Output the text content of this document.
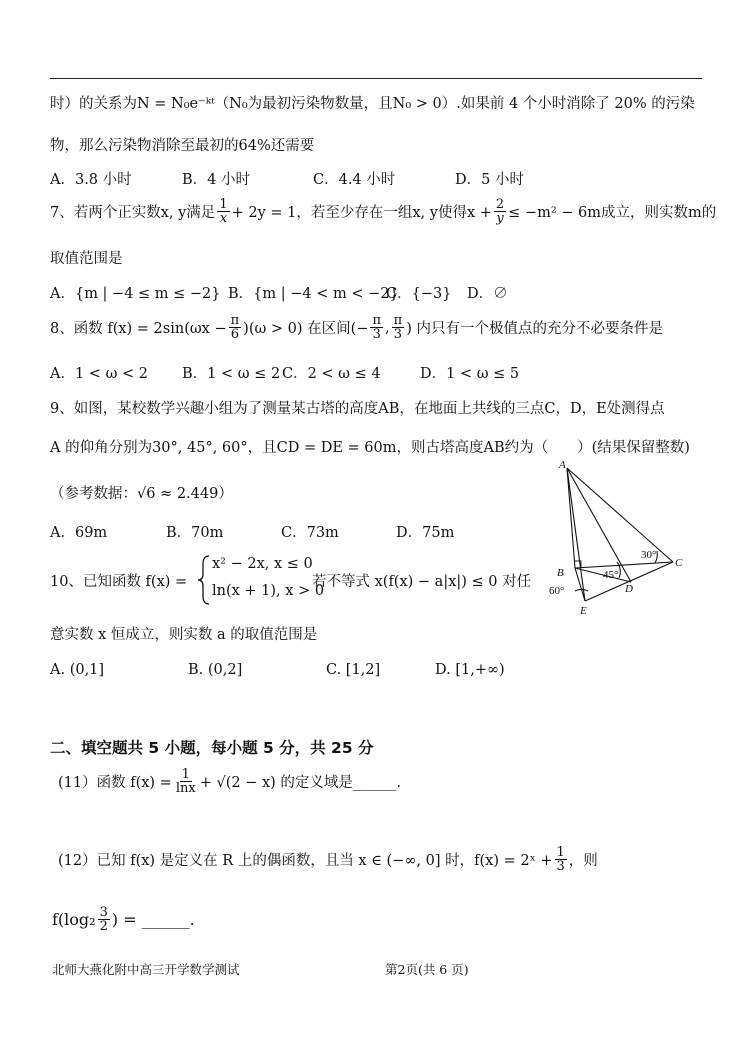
时）的关系为N = N₀e⁻ᵏᵗ（N₀为最初污染物数量，且N₀ > 0）.如果前 4 个小时消除了 20% 的污染
物，那么污染物消除至最初的64%还需要
A．3.8 小时	B．4 小时	C．4.4 小时	D．5 小时
7、若两个正实数x, y满足 $\frac{1}{x} + 2y = 1$，若至少存在一组x, y使得$x + \frac{2}{y} \le -m^2 - 6m$成立，则实数m的
取值范围是
A．{m | −4 ≤ m ≤ −2} B．{m | −4 < m < −2}
C．{−3} D．∅
8、函数 $f(x) = 2\sin(\omega x - \frac{\pi}{6} )(\omega > 0)$ 在区间(− $\frac{\pi}{3}$ , $\frac{\pi}{3}$ ) 内只有一个极值点的充分不必要条件是
A．1 < ω < 2 B．1 < ω ≤ 2 C．2 < ω ≤ 4	D．1 < ω ≤ 5
9、如图，某校数学兴趣小组为了测量某古塔的高度AB，在地面上共线的三点C，D，E处测得点
A 的仰角分别为30°, 45°, 60°，且CD = DE = 60m，则古塔高度AB约为（　　）(结果保留整数)
（参考数据：√6 ≈ 2.449）
A．69m	B．70m	C．73m	D．75m
A
B
C
D
E
30°
45°
60°
10、已知函数 f(x) =
x² − 2x, x ≤ 0
ln(x + 1), x > 0
若不等式 x(f(x) − a|x|) ≤ 0 对任
意实数 x 恒成立，则实数 a 的取值范围是
A. (0,1]	B. (0,2]	C. [1,2]	D. [1,+∞)
二、填空题共 5 小题，每小题 5 分，共 25 分
(11）函数 $f(x) = \frac{1}{\ln x} + √(2 - x)$ 的定义域是______.
(12）已知 f(x) 是定义在 R 上的偶函数，且当 x ∈ (−∞, 0] 时，f(x) = 2ˣ + $\frac{1}{3}$ ，则
$f(\log_2 \frac{3}{2}$ ) = ______.
北师大燕化附中高三开学数学测试	第2页(共 6 页)
